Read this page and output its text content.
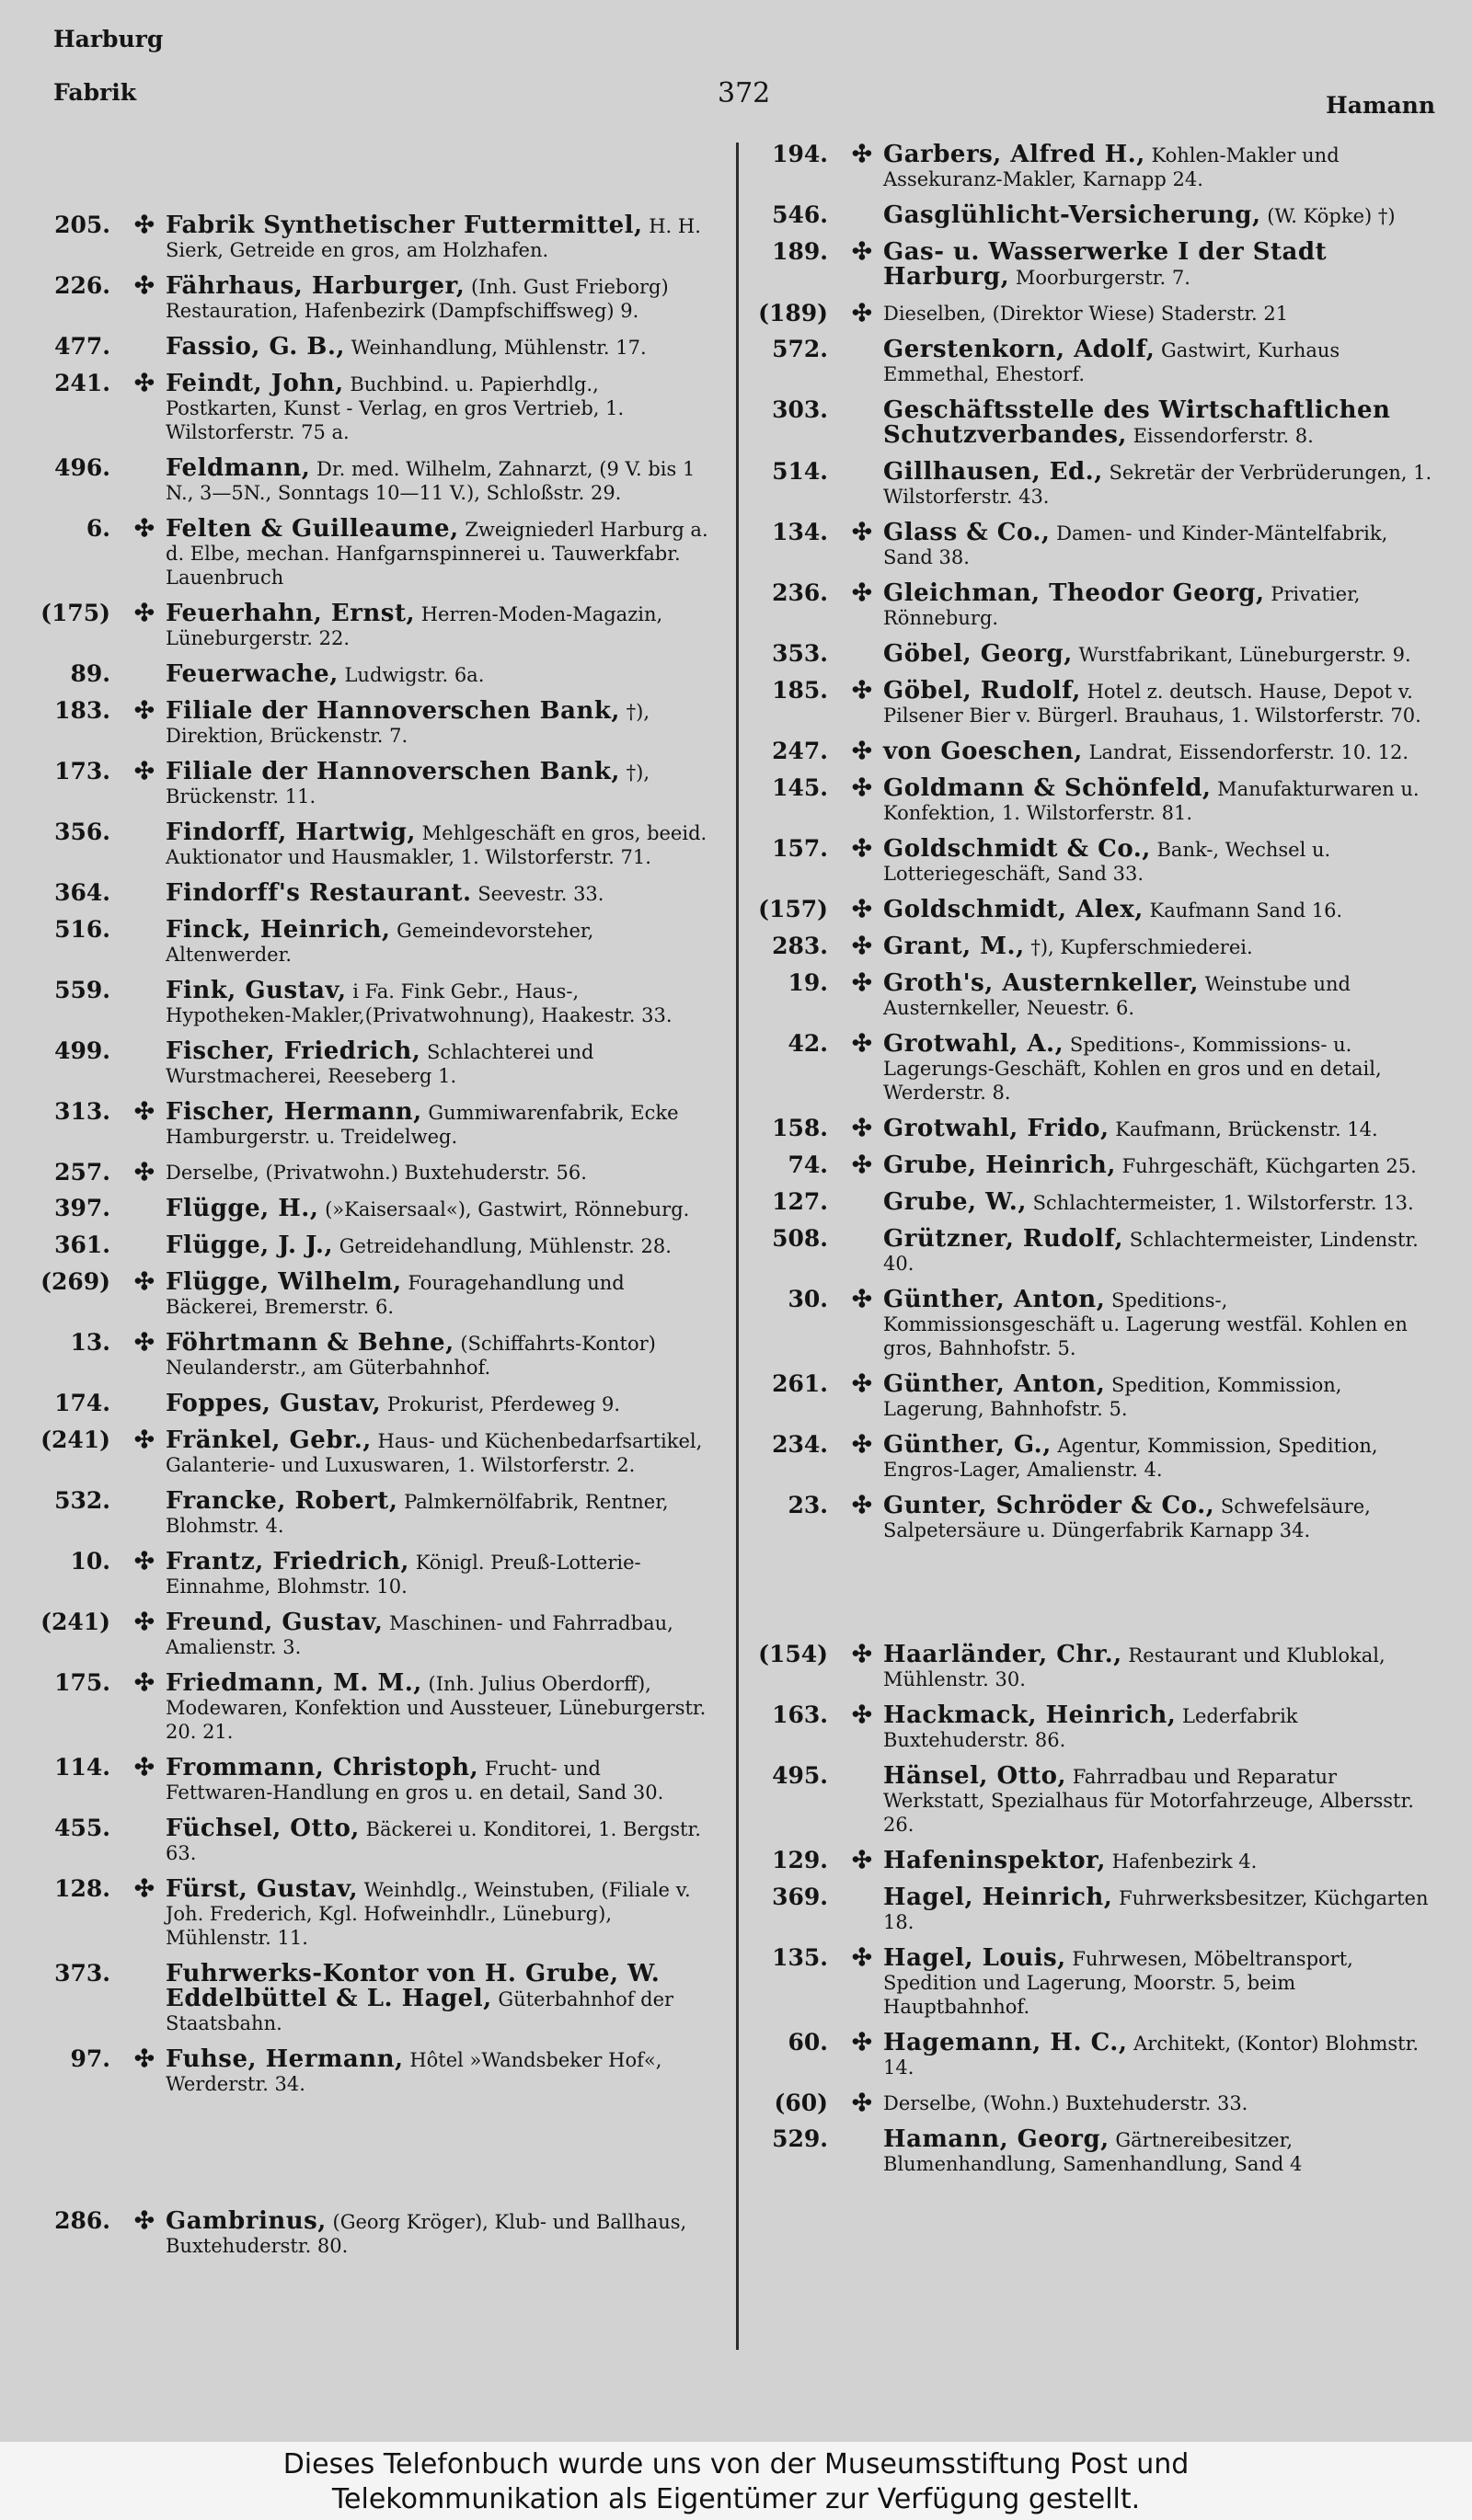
Harburg
Fabrik	372	Hamann
205. ✣ Fabrik Synthetischer Futtermittel, H. H. Sierk, Getreide en gros, am Holzhafen.
226. ✣ Fährhaus, Harburger, (Inh. Gust Frieborg) Restauration, Hafenbezirk (Dampfschiffsweg) 9.
477. Fassio, G. B., Weinhandlung, Mühlenstr. 17.
241. ✣ Feindt, John, Buchbind. u. Papierhdlg., Postkarten, Kunst - Verlag, en gros Vertrieb, 1. Wilstorferstr. 75 a.
496. Feldmann, Dr. med. Wilhelm, Zahnarzt, (9 V. bis 1 N., 3—5N., Sonntags 10—11 V.), Schloßstr. 29.
6. ✣ Felten & Guilleaume, Zweigniederl Harburg a. d. Elbe, mechan. Hanfgarnspinnerei u. Tauwerkfabr. Lauenbruch
(175) ✣ Feuerhahn, Ernst, Herren-Moden-Magazin, Lüneburgerstr. 22.
89. Feuerwache, Ludwigstr. 6a.
183. ✣ Filiale der Hannoverschen Bank, †), Direktion, Brückenstr. 7.
173. ✣ Filiale der Hannoverschen Bank, †), Brückenstr. 11.
356. Findorff, Hartwig, Mehlgeschäft en gros, beeid. Auktionator und Hausmakler, 1. Wilstorferstr. 71.
364. Findorff's Restaurant. Seevestr. 33.
516. Finck, Heinrich, Gemeindevorsteher, Altenwerder.
559. Fink, Gustav, i Fa. Fink Gebr., Haus-, Hypotheken-Makler,(Privatwohnung), Haakestr. 33.
499. Fischer, Friedrich, Schlachterei und Wurstmacherei, Reeseberg 1.
313. ✣ Fischer, Hermann, Gummiwarenfabrik, Ecke Hamburgerstr. u. Treidelweg.
257. ✣ Derselbe, (Privatwohn.) Buxtehuderstr. 56.
397. Flügge, H., (»Kaisersaal«), Gastwirt, Rönneburg.
361. Flügge, J. J., Getreidehandlung, Mühlenstr. 28.
(269) ✣ Flügge, Wilhelm, Fouragehandlung und Bäckerei, Bremerstr. 6.
13. ✣ Föhrtmann & Behne, (Schiffahrts-Kontor) Neulanderstr., am Güterbahnhof.
174. Foppes, Gustav, Prokurist, Pferdeweg 9.
(241) ✣ Fränkel, Gebr., Haus- und Küchenbedarfsartikel, Galanterie- und Luxuswaren, 1. Wilstorferstr. 2.
532. Francke, Robert, Palmkernölfabrik, Rentner, Blohmstr. 4.
10. ✣ Frantz, Friedrich, Königl. Preuß-Lotterie-Einnahme, Blohmstr. 10.
(241) ✣ Freund, Gustav, Maschinen- und Fahrradbau, Amalienstr. 3.
175. ✣ Friedmann, M. M., (Inh. Julius Oberdorff), Modewaren, Konfektion und Aussteuer, Lüneburgerstr. 20. 21.
114. ✣ Frommann, Christoph, Frucht- und Fettwaren-Handlung en gros u. en detail, Sand 30.
455. Füchsel, Otto, Bäckerei u. Konditorei, 1. Bergstr. 63.
128. ✣ Fürst, Gustav, Weinhdlg., Weinstuben, (Filiale v. Joh. Frederich, Kgl. Hofweinhdlr., Lüneburg), Mühlenstr. 11.
373. Fuhrwerks-Kontor von H. Grube, W. Eddelbüttel & L. Hagel, Güterbahnhof der Staatsbahn.
97. ✣ Fuhse, Hermann, Hôtel »Wandsbeker Hof«, Werderstr. 34.
286. ✣ Gambrinus, (Georg Kröger), Klub- und Ballhaus, Buxtehuderstr. 80.
194. ✣ Garbers, Alfred H., Kohlen-Makler und Assekuranz-Makler, Karnapp 24.
546. Gasglühlicht-Versicherung, (W. Köpke) †)
189. ✣ Gas- u. Wasserwerke I der Stadt Harburg, Moorburgerstr. 7.
(189) ✣ Dieselben, (Direktor Wiese) Staderstr. 21
572. Gerstenkorn, Adolf, Gastwirt, Kurhaus Emmethal, Ehestorf.
303. Geschäftsstelle des Wirtschaftlichen Schutzverbandes, Eissendorferstr. 8.
514. Gillhausen, Ed., Sekretär der Verbrüderungen, 1. Wilstorferstr. 43.
134. ✣ Glass & Co., Damen- und Kinder-Mäntelfabrik, Sand 38.
236. ✣ Gleichman, Theodor Georg, Privatier, Rönneburg.
353. Göbel, Georg, Wurstfabrikant, Lüneburgerstr. 9.
185. ✣ Göbel, Rudolf, Hotel z. deutsch. Hause, Depot v. Pilsener Bier v. Bürgerl. Brauhaus, 1. Wilstorferstr. 70.
247. ✣ von Goeschen, Landrat, Eissendorferstr. 10. 12.
145. ✣ Goldmann & Schönfeld, Manufakturwaren u. Konfektion, 1. Wilstorferstr. 81.
157. ✣ Goldschmidt & Co., Bank-, Wechsel u. Lotteriegeschäft, Sand 33.
(157) ✣ Goldschmidt, Alex, Kaufmann Sand 16.
283. ✣ Grant, M., †), Kupferschmiederei.
19. ✣ Groth's, Austernkeller, Weinstube und Austernkeller, Neuestr. 6.
42. ✣ Grotwahl, A., Speditions-, Kommissions- u. Lagerungs-Geschäft, Kohlen en gros und en detail, Werderstr. 8.
158. ✣ Grotwahl, Frido, Kaufmann, Brückenstr. 14.
74. ✣ Grube, Heinrich, Fuhrgeschäft, Küchgarten 25.
127. Grube, W., Schlachtermeister, 1. Wilstorferstr. 13.
508. Grützner, Rudolf, Schlachtermeister, Lindenstr. 40.
30. ✣ Günther, Anton, Speditions-, Kommissionsgeschäft u. Lagerung westfäl. Kohlen en gros, Bahnhofstr. 5.
261. ✣ Günther, Anton, Spedition, Kommission, Lagerung, Bahnhofstr. 5.
234. ✣ Günther, G., Agentur, Kommission, Spedition, Engros-Lager, Amalienstr. 4.
23. ✣ Gunter, Schröder & Co., Schwefelsäure, Salpetersäure u. Düngerfabrik Karnapp 34.
(154) ✣ Haarländer, Chr., Restaurant und Klublokal, Mühlenstr. 30.
163. ✣ Hackmack, Heinrich, Lederfabrik Buxtehuderstr. 86.
495. Hänsel, Otto, Fahrradbau und Reparatur Werkstatt, Spezialhaus für Motorfahrzeuge, Albersstr. 26.
129. ✣ Hafeninspektor, Hafenbezirk 4.
369. Hagel, Heinrich, Fuhrwerksbesitzer, Küchgarten 18.
135. ✣ Hagel, Louis, Fuhrwesen, Möbeltransport, Spedition und Lagerung, Moorstr. 5, beim Hauptbahnhof.
60. ✣ Hagemann, H. C., Architekt, (Kontor) Blohmstr. 14.
(60) ✣ Derselbe, (Wohn.) Buxtehuderstr. 33.
529. Hamann, Georg, Gärtnereibesitzer, Blumenhandlung, Samenhandlung, Sand 4
Dieses Telefonbuch wurde uns von der Museumsstiftung Post und
Telekommunikation als Eigentümer zur Verfügung gestellt.
